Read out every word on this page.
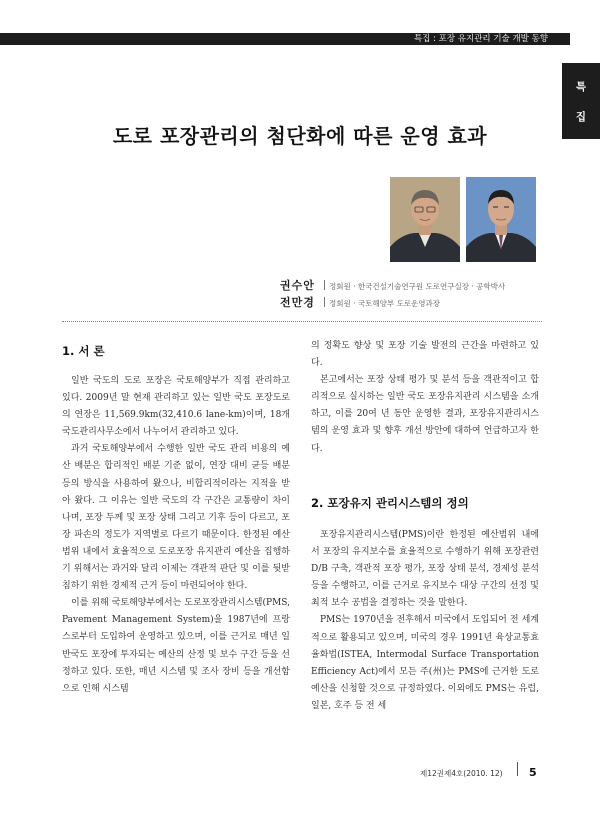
특집 : 포장 유지관리 기술 개발 동향
특
집
도로 포장관리의 첨단화에 따른 운영 효과
권수안 정회원 · 한국건설기술연구원 도로연구실장 · 공학박사
전만경 정회원 · 국토해양부 도로운영과장
1. 서 론

일반 국도의 도로 포장은 국토해양부가 직접 관리하고 있다. 2009년 말 현재 관리하고 있는 일반 국도 포장도로의 연장은 11,569.9km(32,410.6 lane-km)이며, 18개 국도관리사무소에서 나누어서 관리하고 있다.

과거 국토해양부에서 수행한 일반 국도 관리 비용의 예산 배분은 합리적인 배분 기준 없이, 연장 대비 균등 배분 등의 방식을 사용하여 왔으나, 비합리적이라는 지적을 받아 왔다. 그 이유는 일반 국도의 각 구간은 교통량이 차이나며, 포장 두께 및 포장 상태 그리고 기후 등이 다르고, 포장 파손의 정도가 지역별로 다르기 때문이다. 한정된 예산 범위 내에서 효율적으로 도로포장 유지관리 예산을 집행하기 위해서는 과거와 달리 이제는 객관적 판단 및 이를 뒷받침하기 위한 경제적 근거 등이 마련되어야 한다.

이를 위해 국토해양부에서는 도로포장관리시스템(PMS, Pavement Management System)을 1987년에 프랑스로부터 도입하여 운영하고 있으며, 이를 근거로 매년 일반국도 포장에 투자되는 예산의 산정 및 보수 구간 등을 선정하고 있다. 또한, 매년 시스템 및 조사 장비 등을 개선함으로 인해 시스템

의 정확도 향상 및 포장 기술 발전의 근간을 마련하고 있다.

본고에서는 포장 상태 평가 및 분석 등을 객관적이고 합리적으로 실시하는 일반 국도 포장유지관리 시스템을 소개하고, 이를 20여 년 동안 운영한 결과, 포장유지관리시스템의 운영 효과 및 향후 개선 방안에 대하여 언급하고자 한다.

2. 포장유지 관리시스템의 정의

포장유지관리시스템(PMS)이란 한정된 예산범위 내에서 포장의 유지보수를 효율적으로 수행하기 위해 포장관련 D/B 구축, 객관적 포장 평가, 포장 상태 분석, 경제성 분석 등을 수행하고, 이를 근거로 유지보수 대상 구간의 선정 및 최적 보수 공법을 결정하는 것을 말한다.

PMS는 1970년을 전후해서 미국에서 도입되어 전 세계적으로 활용되고 있으며, 미국의 경우 1991년 육상교통효율화법(ISTEA, Intermodal Surface Transportation Efficiency Act)에서 모든 주(州)는 PMS에 근거한 도로 예산을 신청할 것으로 규정하였다. 이외에도 PMS는 유럽, 일본, 호주 등 전 세

제12권제4호(2010. 12) 5
